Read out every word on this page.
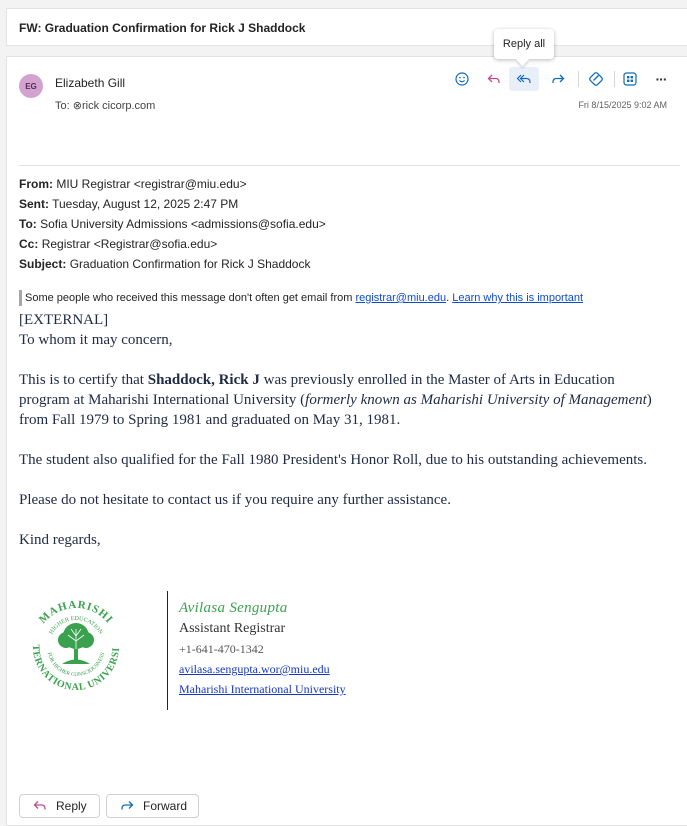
FW: Graduation Confirmation for Rick J Shaddock
EG	Elizabeth Gill
To: ⊗rick cicorp.com	Fri 8/15/2025 9:02 AM
···
From: MIU Registrar <registrar@miu.edu>
Sent: Tuesday, August 12, 2025 2:47 PM
To: Sofia University Admissions <admissions@sofia.edu>
Cc: Registrar <Registrar@sofia.edu>
Subject: Graduation Confirmation for Rick J Shaddock
Some people who received this message don't often get email from registrar@miu.edu. Learn why this is important

[EXTERNAL]

To whom it may concern,

This is to certify that Shaddock, Rick J was previously enrolled in the Master of Arts in Education program at Maharishi International University (formerly known as Maharishi University of Management) from Fall 1979 to Spring 1981 and graduated on May 31, 1981.

The student also qualified for the Fall 1980 President's Honor Roll, due to his outstanding achievements.

Please do not hesitate to contact us if you require any further assistance.

Kind regards,

MAHARISHI
TERNATIONAL UNIVERSI
HIGHER EDUCATION
FOR HIGHER CONSCIOUSNESS
Avilasa Sengupta
Assistant Registrar
+1-641-470-1342
avilasa.sengupta.wor@miu.edu
Maharishi International University
Reply	Forward
Reply all
